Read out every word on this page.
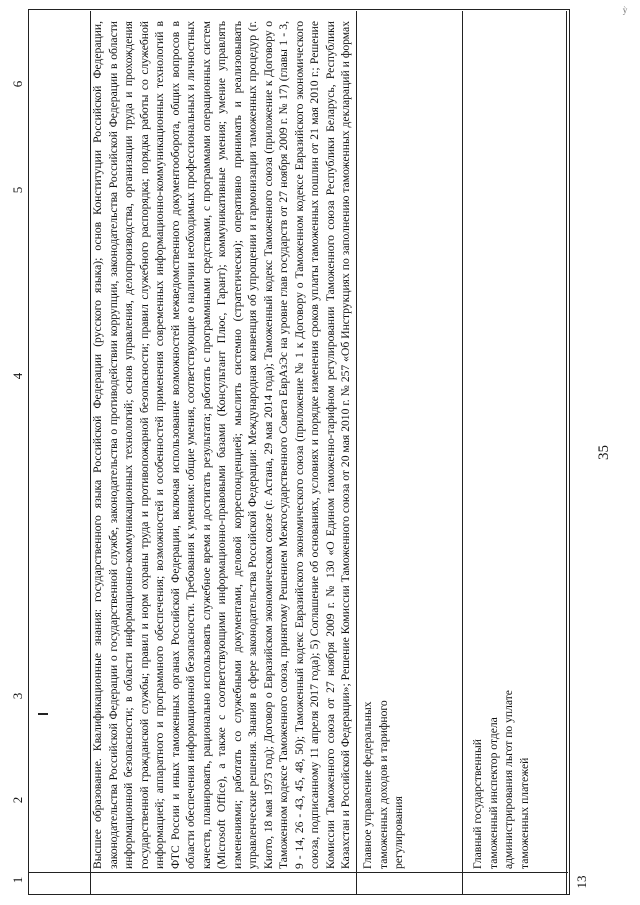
ỳ
1
2
3
4
5
6
13

Главный государственный таможенный инспектор отдела администрирования льгот по уплате таможенных платежей

Главное управление федеральных таможенных доходов и тарифного регулирования

Высшее образование. Квалификационные знания: государственного языка Российской Федерации (русского языка); основ Конституции Российской Федерации, законодательства Российской Федерации о государственной службе, законодательства о противодействии коррупции, законодательства Российской Федерации в области информационной безопасности; в области информационно-коммуникационных технологий; основ управления, делопроизводства, организации труда и прохождения государственной гражданской службы; правил и норм охраны труда и противопожарной безопасности; правил служебного распорядка; порядка работы со служебной информацией; аппаратного и программного обеспечения; возможностей и особенностей применения современных информационно-коммуникационных технологий в ФТС России и иных таможенных органах Российской Федерации, включая использование возможностей межведомственного документооборота, общих вопросов в области обеспечения информационной безопасности. Требования к умениям: общие умения, соответствующие о наличии необходимых профессиональных и личностных качеств, планировать, рационально использовать служебное время и достигать результата; работать с программными средствами, с программами операционных систем (Microsoft Office), а также с соответствующими информационно-правовыми базами (Консультант Плюс, Гарант); коммуникативные умения; умение управлять изменениями; работать со служебными документами, деловой корреспонденцией; мыслить системно (стратегически); оперативно принимать и реализовывать управленческие решения. Знания в сфере законодательства Российской Федерации: Международная конвенция об упрощении и гармонизации таможенных процедур (г. Киото, 18 мая 1973 год); Договор о Евразийском экономическом союзе (г. Астана, 29 мая 2014 года); Таможенный кодекс Таможенного союза (приложение к Договору о Таможенном кодексе Таможенного союза, принятому Решением Межгосударственного Совета ЕврАзЭс на уровне глав государств от 27 ноября 2009 г. № 17) (главы 1 - 3, 9 - 14, 26 - 43, 45, 48, 50); Таможенный кодекс Евразийского экономического союза (приложение № 1 к Договору о Таможенном кодексе Евразийского экономического союза, подписанному 11 апреля 2017 года); 5) Соглашение об основаниях, условиях и порядке изменения сроков уплаты таможенных пошлин от 21 мая 2010 г.; Решение Комиссии Таможенного союза от 27 ноября 2009 г. № 130 «О Едином таможенно-тарифном регулировании Таможенного союза Республики Беларусь, Республики Казахстан и Российской Федерации»; Решение Комиссии Таможенного союза от 20 мая 2010 г. № 257 «Об Инструкциях по заполнению таможенных деклараций и формах
35
